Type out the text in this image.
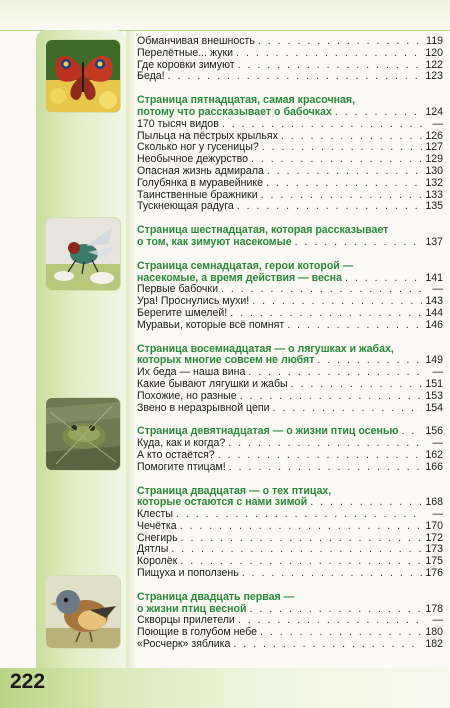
222
Обманчивая внешность . . .	119
Перелётные... жуки . . .	120
Где коровки зимуют . . .	122
Беда! . . .	123
Страница пятнадцатая, самая красочная,
потому что рассказывает о бабочках . . .	124
170 тысяч видов . . .	—
Пыльца на пёстрых крыльях . . .	126
Сколько ног у гусеницы? . . .	127
Необычное дежурство . . .	129
Опасная жизнь адмирала . . .	130
Голубянка в муравейнике . . .	132
Таинственные бражники . . .	133
Тускнеющая радуга . . .	135
Страница шестнадцатая, которая рассказывает
о том, как зимуют насекомые . . .	137
Страница семнадцатая, герои которой —
насекомые, а время действия — весна . . .	141
Первые бабочки . . .	—
Ура! Проснулись мухи! . . .	143
Берегите шмелей! . . .	144
Муравьи, которые всё помнят . . .	146
Страница восемнадцатая — о лягушках и жабах,
которых многие совсем не любят . . .	149
Их беда — наша вина . . .	—
Какие бывают лягушки и жабы . . .	151
Похожие, но разные . . .	153
Звено в неразрывной цепи . . .	154
Страница девятнадцатая — о жизни птиц осенью . . .	156
Куда, как и когда? . . .	—
А кто остаётся? . . .	162
Помогите птицам! . . .	166
Страница двадцатая — о тех птицах,
которые остаются с нами зимой . . .	168
Клесты . . .	—
Чечётка . . .	170
Снегирь . . .	172
Дятлы . . .	173
Королёк . . .	175
Пищуха и поползень . . .	176
Страница двадцать первая —
о жизни птиц весной . . .	178
Скворцы прилетели . . .	—
Поющие в голубом небе . . .	180
«Росчерк» зяблика . . .	182
